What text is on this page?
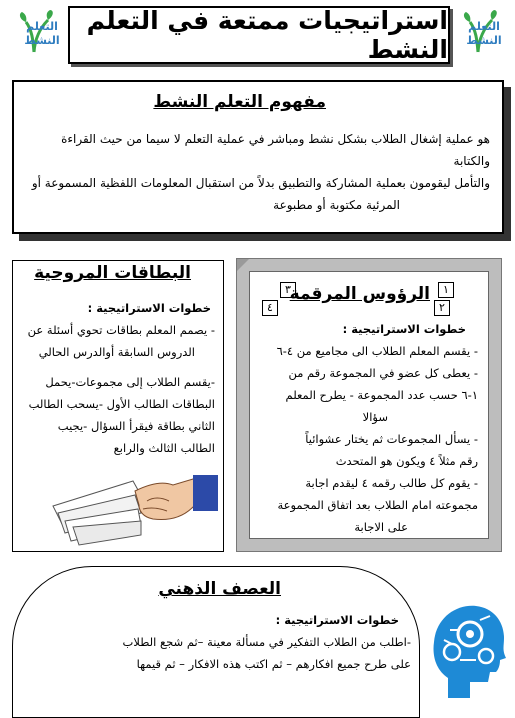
التعلم
النشط
التعلم
النشط
استراتيجيات ممتعة في التعلم النشط
مفهوم التعلم النشط
هو عملية إشغال الطلاب بشكل نشط ومباشر في عملية التعلم لا سيما من حيث القراءة والكتابة
والتأمل ليقومون بعملية المشاركة والتطبيق بدلاً من استقبال المعلومات اللفظية المسموعة أو
المرئية مكتوبة أو مطبوعة
البطاقات المروحية
خطوات الاستراتيجية :
- يصمم المعلم بطاقات تحوي أسئلة عن
الدروس السابقة أوالدرس الحالي
-يقسم الطلاب إلى مجموعات-يحمل
البطاقات الطالب الأول -يسحب الطالب
الثاني بطاقة فيقرأ السؤال -يجيب
الطالب الثالث والرابع
١
٢
٣
٤
الرؤوس المرقمة
خطوات الاستراتيجية :
- يقسم المعلم الطلاب الى مجاميع من ٤-٦
- يعطى كل عضو في المجموعة رقم من
١-٦ حسب عدد المجموعة - يطرح المعلم
سؤالا
- يسأل المجموعات ثم يختار عشوائياً
رقم مثلاً ٤ ويكون هو المتحدث
- يقوم كل طالب رقمه ٤ ليقدم اجابة
مجموعته امام الطلاب بعد اتفاق المجموعة
على الاجابة
العصف الذهني
خطوات الاستراتيجية :
-اطلب من الطلاب التفكير في مسألة معينة –ثم شجع الطلاب
على طرح جميع افكارهم – ثم اكتب هذه الافكار – ثم قيمها
